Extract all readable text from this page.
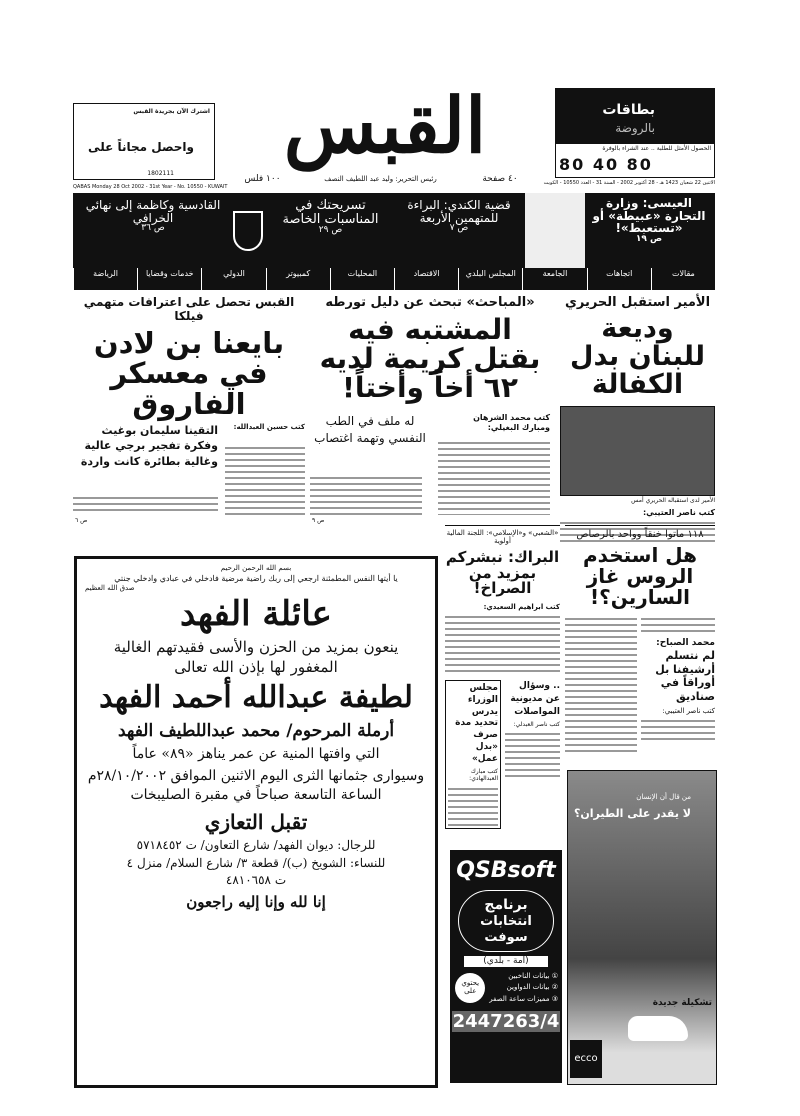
بطاقات
بالروضة
الحصول الأمثل للطلبة .. عند الشراء بالوفرة
80 40 80
الاثنين 22 شعبان 1423 هـ - 28 أكتوبر 2002 - السنة 31 - العدد 10550 - الكويت
القبس
٤٠ صفحة
١٠٠ فلس	رئيس التحرير: وليد عبد اللطيف النصف
اشترك الآن بجريدة القبس
واحصل مجاناً على
1802111
QABAS Monday 28 Oct 2002 - 31st Year - No. 10550 - KUWAIT
العيسى: وزارة التجارة «عبيطة» أو «تستعبط»!
ص ١٩
قضية الكندي: البراءة للمتهمين الأربعة
ص ٧
تسريحتك في المناسبات الخاصة
ص ٢٩
القادسية وكاظمة إلى نهائي الخرافي
ص ٣٦
مقالات
اتجاهات
الجامعة
المجلس البلدي
الاقتصاد
المحليات
كمبيوتر
الدولي
خدمات وقضايا
الرياضة
الأمير استقبل الحريري
وديعة للبنان بدل الكفالة
الأمير لدى استقباله الحريري أمس
كتب ناصر العتيبي:
«المباحث» تبحث عن دليل تورطه
المشتبه فيه بقتل كريمة لديه ٦٢ أخاً وأختاً!
كتب محمد الشرهان ومبارك البغيلي:
له ملف في الطب النفسي وتهمة اغتصاب
ص ٩
القبس تحصل على اعترافات متهمي فيلكا
بايعنا بن لادن في معسكر الفاروق
كتب حسين العبدالله:
التقينا سليمان بوغيث وفكرة تفجير برجي عالية وغالية بطائرة كانت واردة
ص ٦
١١٨ ماتوا خنقاً وواحد بالرصاص
هل استخدم الروس غاز السارين؟!
محمد الصباح:
لم نتسلم أرشيفنا بل أوراقاً في صناديق
كتب ناصر العتيبي:
«الشعبي» و«الإسلامي»: اللجنة المالية أولوية
البراك: نبشركم بمزيد من الصراخ!
كتب ابراهيم السعيدي:
.. وسؤال عن مديونية المواصلات
كتب ناصر العبدلي:
مجلس الوزراء يدرس تحديد مدة صرف «بدل عمل»
كتب مبارك العبدالهادي:
بسم الله الرحمن الرحيم
يا أيتها النفس المطمئنة ارجعي إلى ربك راضية مرضية فادخلي في عبادي وادخلي جنتي
صدق الله العظيم
عائلة الفهد
ينعون بمزيد من الحزن والأسى فقيدتهم الغالية
المغفور لها بإذن الله تعالى
لطيفة عبدالله أحمد الفهد
أرملة المرحوم/ محمد عبداللطيف الفهد
التي وافتها المنية عن عمر يناهز «٨٩» عاماً
وسيوارى جثمانها الثرى اليوم الاثنين الموافق ٢٨/١٠/٢٠٠٢م الساعة التاسعة صباحاً في مقبرة الصليبخات
تقبل التعازي
للرجال: ديوان الفهد/ شارع التعاون/ ت ٥٧١٨٤٥٢
للنساء: الشويخ (ب)/ قطعة ٣/ شارع السلام/ منزل ٤
ت ٤٨١٠٦٥٨
إنا لله وإنا إليه راجعون
QSBsoft
برنامج
انتخابات سوفت
(أمة - بلدي)
① بيانات الناخبين
② بيانات الدواوين
③ مميزات ساعة الصفر
يحتوي على
2447263/4
من قال أن الإنسان
لا يقدر على الطيران؟
تشكيلة جديدة
ecco
